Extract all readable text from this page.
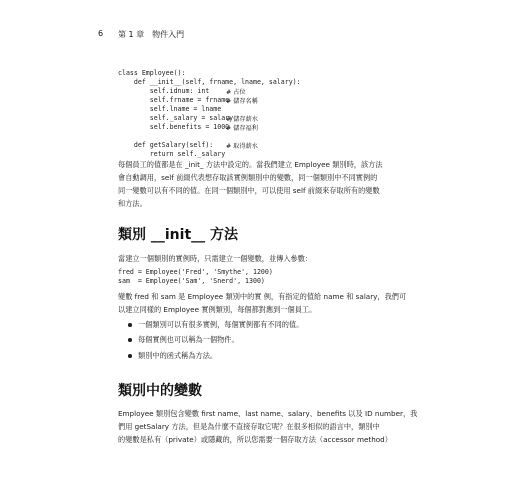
6 第 1 章　物件入門
class Employee():
def __init__(self, frname, lname, salary):
self.idnum: int
self.frname = frname
self.lname = lname
self._salary = salary
self.benefits = 1000
def getSalary(self):
return self._salary
# 占位
# 儲存名稱
# 儲存薪水
# 儲存福利
# 取得薪水
每個員工的值都是在 _init_ 方法中設定的。當我們建立 Employee 類別時，該方法
會自動調用，self 前綴代表想存取該實例類別中的變數，同一個類別中不同實例的
同一變數可以有不同的值。在同一個類別中，可以使用 self 前綴來存取所有的變數
和方法。
類別 __init__ 方法
當建立一個類別的實例時，只需建立一個變數，並傳入參數：
fred = Employee('Fred', 'Smythe', 1200)
sam  = Employee('Sam', 'Snerd', 1300)
變數 fred 和 sam 是 Employee 類別中的實 例，有指定的值給 name 和 salary，我們可
以建立同樣的 Employee 實例類別，每個都對應到一個員工。
一個類別可以有很多實例，每個實例都有不同的值。
每個實例也可以稱為一個物件。
類別中的函式稱為方法。
類別中的變數
Employee 類別包含變數 first name、last name、salary、benefits 以及 ID number，我
們用 getSalary 方法，但是為什麼不直接存取它呢？在很多相似的語言中，類別中
的變數是私有（private）或隱藏的，所以您需要一個存取方法（accessor method）
